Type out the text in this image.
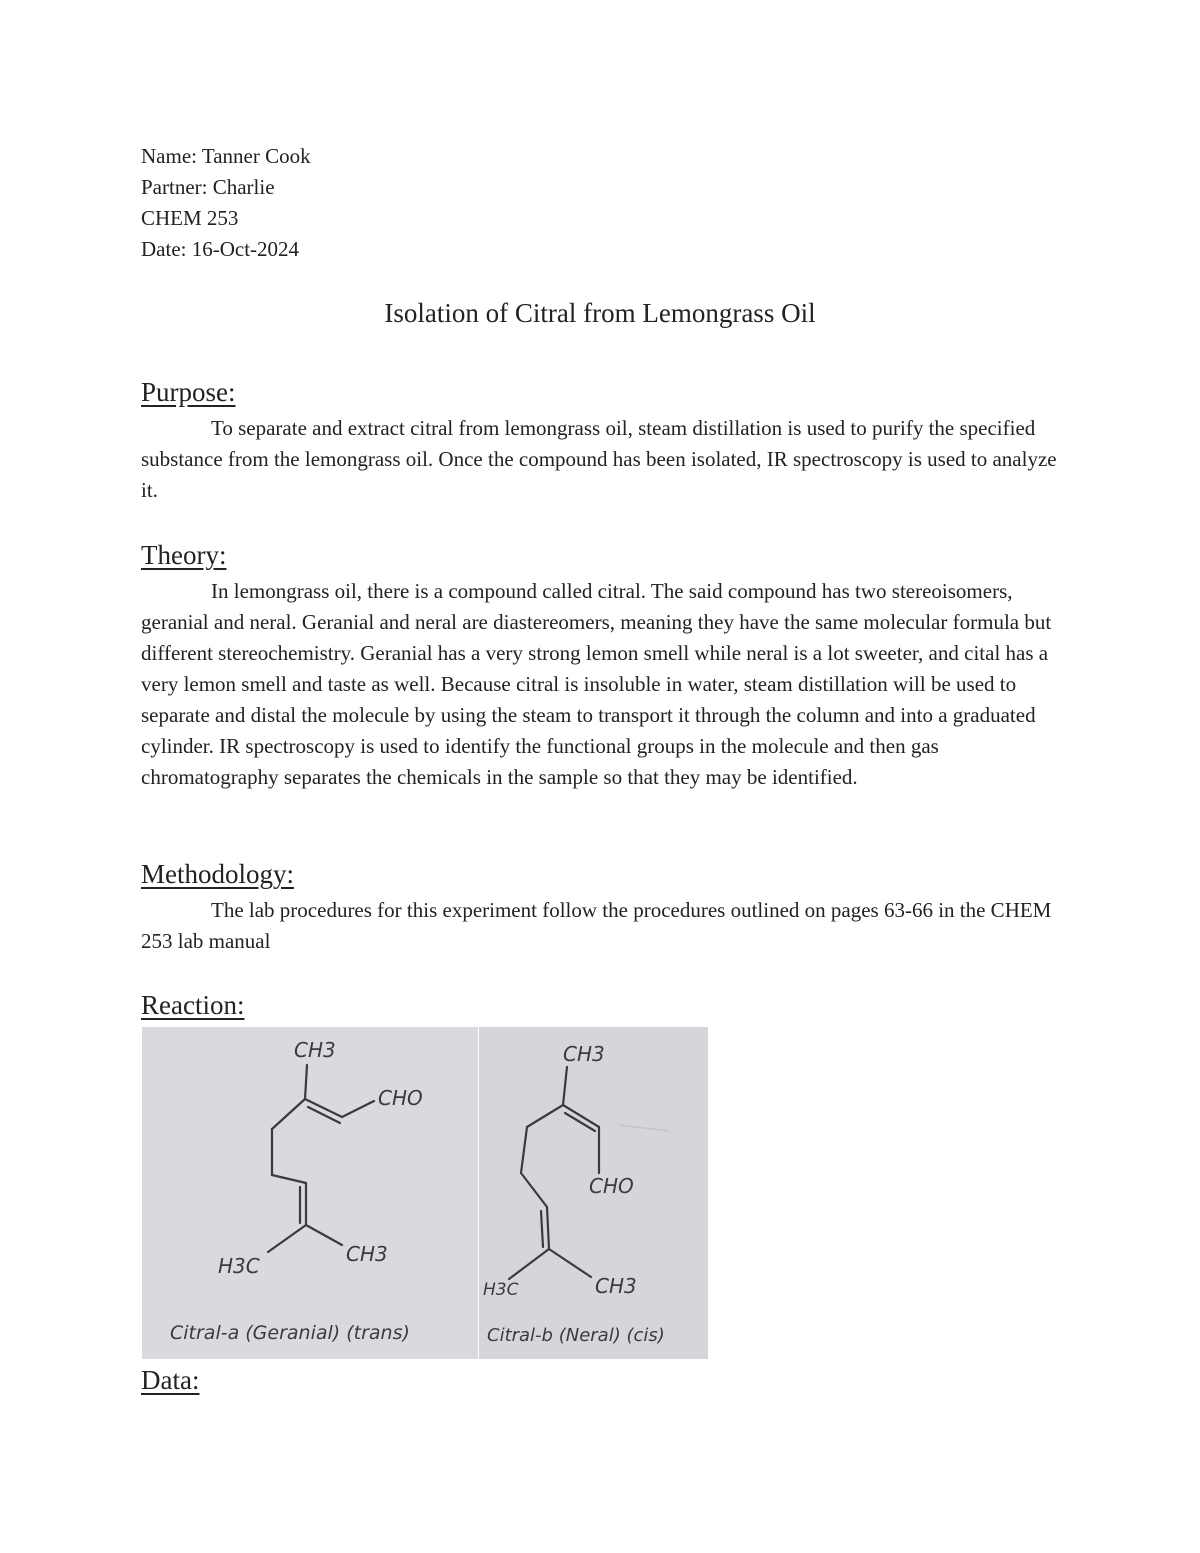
Name: Tanner Cook
Partner: Charlie
CHEM 253
Date: 16-Oct-2024
Isolation of Citral from Lemongrass Oil
Purpose:
To separate and extract citral from lemongrass oil, steam distillation is used to purify the specified substance from the lemongrass oil. Once the compound has been isolated, IR spectroscopy is used to analyze it.
Theory:
In lemongrass oil, there is a compound called citral. The said compound has two stereoisomers, geranial and neral. Geranial and neral are diastereomers, meaning they have the same molecular formula but different stereochemistry. Geranial has a very strong lemon smell while neral is a lot sweeter, and cital has a very lemon smell and taste as well. Because citral is insoluble in water, steam distillation will be used to separate and distal the molecule by using the steam to transport it through the column and into a graduated cylinder. IR spectroscopy is used to identify the functional groups in the molecule and then gas chromatography separates the chemicals in the sample so that they may be identified.
Methodology:
The lab procedures for this experiment follow the procedures outlined on pages 63-66 in the CHEM 253 lab manual
Reaction:
CH3
CHO
H3C	CH3
Citral-a (Geranial) (trans)
CH3
CHO
H3C	CH3
Citral-b (Neral) (cis)
Data:
